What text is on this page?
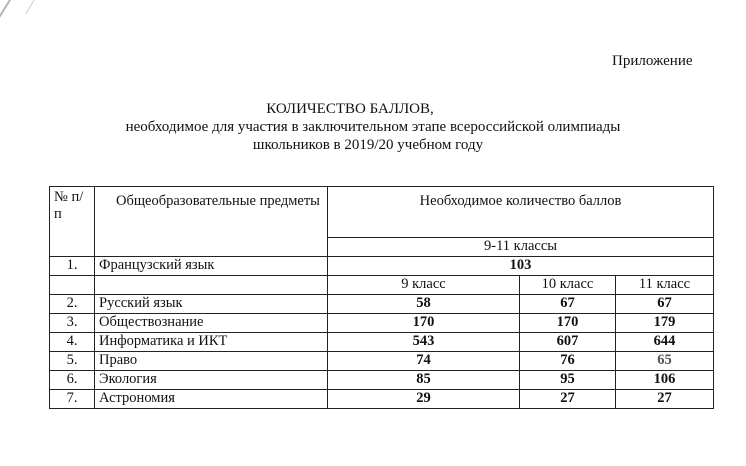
Приложение
КОЛИЧЕСТВО БАЛЛОВ,
необходимое для участия в заключительном этапе всероссийской олимпиады
школьников в 2019/20 учебном году
№ п/п	Общеобразовательные предметы	Необходимое количество баллов		
		9-11 классы		
1.	Французский язык	103		
		9 класс	10 класс	11 класс
2.	Русский язык	58	67	67
3.	Обществознание	170	170	179
4.	Информатика и ИКТ	543	607	644
5.	Право	74	76	65
6.	Экология	85	95	106
7.	Астрономия	29	27	27
